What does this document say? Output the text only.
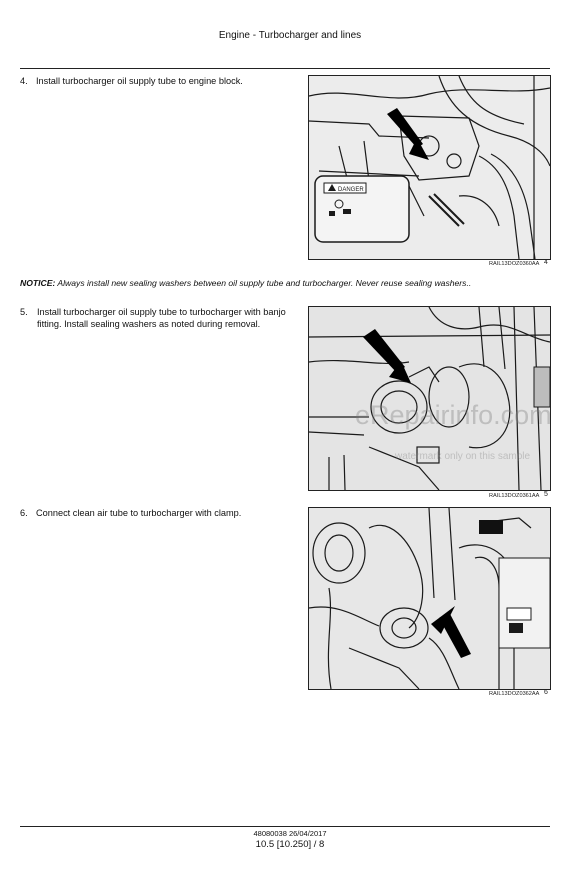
Engine - Turbocharger and lines
4. Install turbocharger oil supply tube to engine block.
DANGER
RAIL13DOZ0360AA 4
NOTICE: Always install new sealing washers between oil supply tube and turbocharger. Never reuse sealing washers..
5.	Install turbocharger oil supply tube to turbocharger with banjo fitting. Install sealing washers as noted during removal.
eRepairinfo.com
watermark only on this sample
RAIL13DOZ0361AA 5
6. Connect clean air tube to turbocharger with clamp.
RAIL13DOZ0362AA 6
48080038 26/04/2017
10.5 [10.250] / 8
